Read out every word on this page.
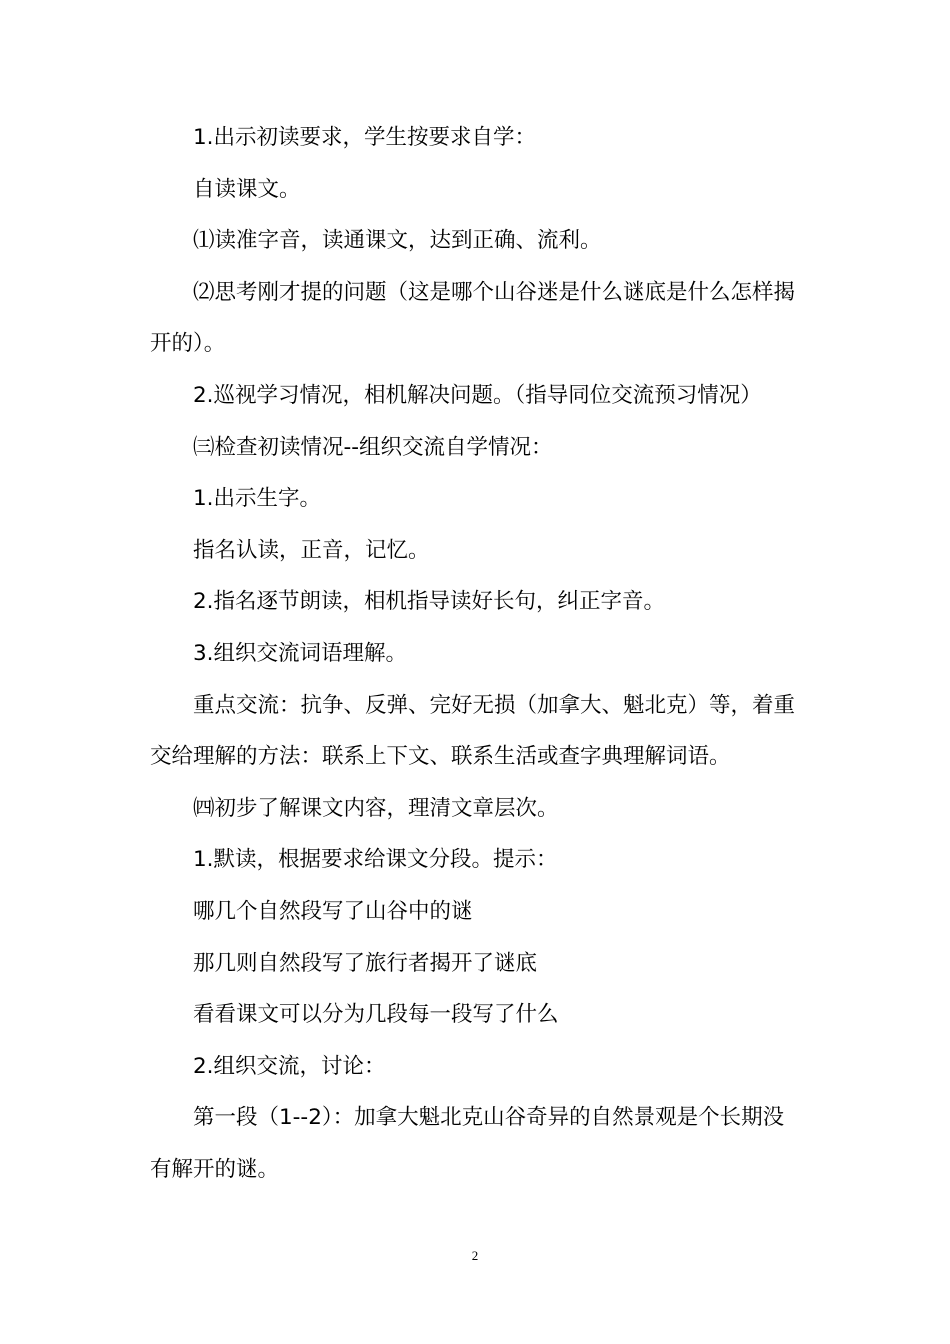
1.出示初读要求，学生按要求自学：

自读课文。

⑴读准字音，读通课文，达到正确、流利。

⑵思考刚才提的问题（这是哪个山谷迷是什么谜底是什么怎样揭开的）。

2.巡视学习情况，相机解决问题。（指导同位交流预习情况）

㈢检查初读情况--组织交流自学情况：

1.出示生字。

指名认读，正音，记忆。

2.指名逐节朗读，相机指导读好长句，纠正字音。

3.组织交流词语理解。

重点交流：抗争、反弹、完好无损（加拿大、魁北克）等，着重交给理解的方法：联系上下文、联系生活或查字典理解词语。

㈣初步了解课文内容，理清文章层次。

1.默读，根据要求给课文分段。提示：

哪几个自然段写了山谷中的谜

那几则自然段写了旅行者揭开了谜底

看看课文可以分为几段每一段写了什么

2.组织交流，讨论：

第一段（1--2）：加拿大魁北克山谷奇异的自然景观是个长期没有解开的谜。

2
